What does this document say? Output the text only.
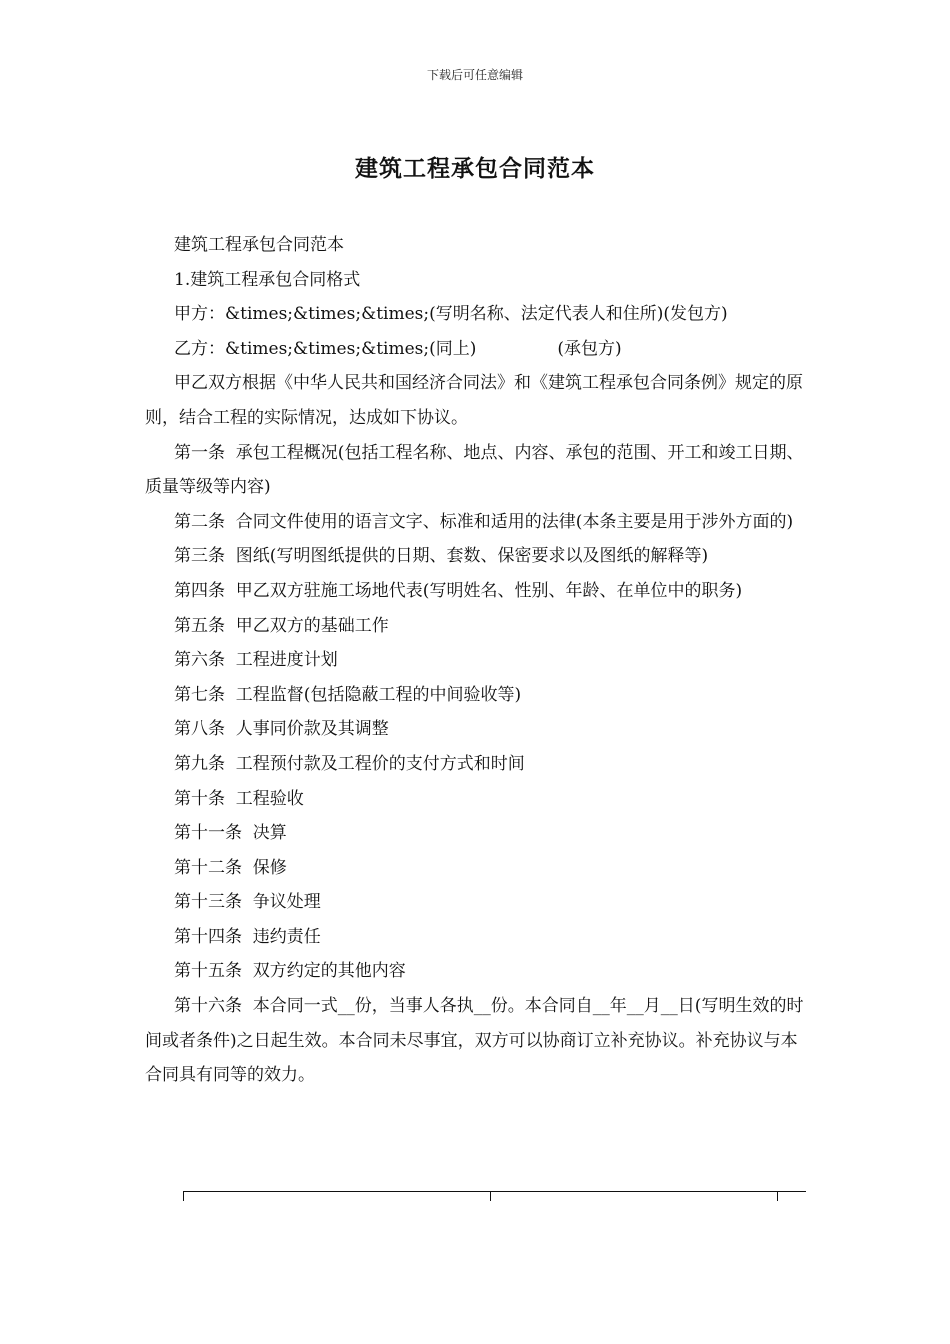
下载后可任意编辑
建筑工程承包合同范本

建筑工程承包合同范本

1.建筑工程承包合同格式

甲方：&times;&times;&times;(写明名称、法定代表人和住所)(发包方)

乙方：&times;&times;&times;(同上)               (承包方)

甲乙双方根据《中华人民共和国经济合同法》和《建筑工程承包合同条例》规定的原则，结合工程的实际情况，达成如下协议。

第一条  承包工程概况(包括工程名称、地点、内容、承包的范围、开工和竣工日期、质量等级等内容)

第二条  合同文件使用的语言文字、标准和适用的法律(本条主要是用于涉外方面的)

第三条  图纸(写明图纸提供的日期、套数、保密要求以及图纸的解释等)

第四条  甲乙双方驻施工场地代表(写明姓名、性别、年龄、在单位中的职务)

第五条  甲乙双方的基础工作

第六条  工程进度计划

第七条  工程监督(包括隐蔽工程的中间验收等)

第八条  人事同价款及其调整

第九条  工程预付款及工程价的支付方式和时间

第十条  工程验收

第十一条  决算

第十二条  保修

第十三条  争议处理

第十四条  违约责任

第十五条  双方约定的其他内容

第十六条  本合同一式__份，当事人各执__份。本合同自__年__月__日(写明生效的时间或者条件)之日起生效。本合同未尽事宜，双方可以协商订立补充协议。补充协议与本合同具有同等的效力。
